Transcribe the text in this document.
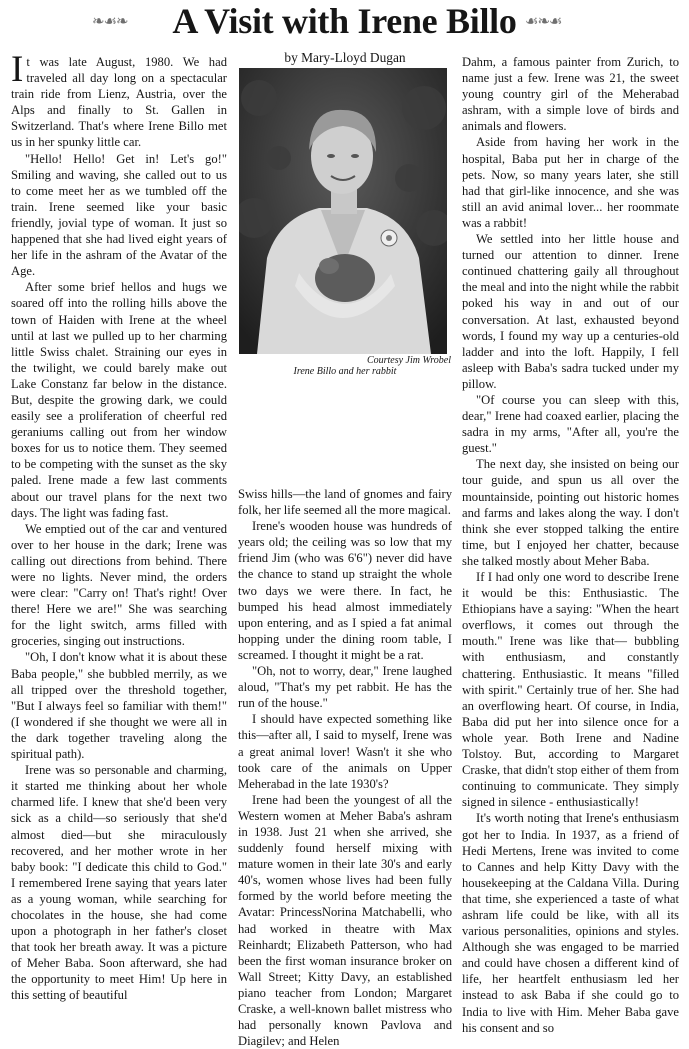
❧☙❧	A Visit with Irene Billo ☙❧☙

It was late August, 1980. We had traveled all day long on a spectacular train ride from Lienz, Austria, over the Alps and finally to St. Gallen in Switzerland. That's where Irene Billo met us in her spunky little car.

"Hello! Hello! Get in! Let's go!" Smiling and waving, she called out to us to come meet her as we tumbled off the train. Irene seemed like your basic friendly, jovial type of woman. It just so happened that she had lived eight years of her life in the ashram of the Avatar of the Age.

After some brief hellos and hugs we soared off into the rolling hills above the town of Haiden with Irene at the wheel until at last we pulled up to her charming little Swiss chalet. Straining our eyes in the twilight, we could barely make out Lake Constanz far below in the distance. But, despite the growing dark, we could easily see a proliferation of cheerful red geraniums calling out from her window boxes for us to notice them. They seemed to be competing with the sunset as the sky paled. Irene made a few last comments about our travel plans for the next two days. The light was fading fast.

We emptied out of the car and ventured over to her house in the dark; Irene was calling out directions from behind. There were no lights. Never mind, the orders were clear: "Carry on! That's right! Over there! Here we are!" She was searching for the light switch, arms filled with groceries, singing out instructions.

"Oh, I don't know what it is about these Baba people," she bubbled merrily, as we all tripped over the threshold together, "But I always feel so familiar with them!" (I wondered if she thought we were all in the dark together traveling along the spiritual path).

Irene was so personable and charming, it started me thinking about her whole charmed life. I knew that she'd been very sick as a child—so seriously that she'd almost died—but she miraculously recovered, and her mother wrote in her baby book: "I dedicate this child to God." I remembered Irene saying that years later as a young woman, while searching for chocolates in the house, she had come upon a photograph in her father's closet that took her breath away. It was a picture of Meher Baba. Soon afterward, she had the opportunity to meet Him! Up here in this setting of beautiful

by Mary-Lloyd Dugan
Courtesy Jim Wrobel
Irene Billo and her rabbit

Swiss hills—the land of gnomes and fairy folk, her life seemed all the more magical.

Irene's wooden house was hundreds of years old; the ceiling was so low that my friend Jim (who was 6'6") never did have the chance to stand up straight the whole two days we were there. In fact, he bumped his head almost immediately upon entering, and as I spied a fat animal hopping under the dining room table, I screamed. I thought it might be a rat.

"Oh, not to worry, dear," Irene laughed aloud, "That's my pet rabbit. He has the run of the house."

I should have expected something like this—after all, I said to myself, Irene was a great animal lover! Wasn't it she who took care of the animals on Upper Meherabad in the late 1930's?

Irene had been the youngest of all the Western women at Meher Baba's ashram in 1938. Just 21 when she arrived, she suddenly found herself mixing with mature women in their late 30's and early 40's, women whose lives had been fully formed by the world before meeting the Avatar: PrincessNorina Matchabelli, who had worked in theatre with Max Reinhardt; Elizabeth Patterson, who had been the first woman insurance broker on Wall Street; Kitty Davy, an established piano teacher from London; Margaret Craske, a well-known ballet mistress who had personally known Pavlova and Diagilev; and Helen

Dahm, a famous painter from Zurich, to name just a few. Irene was 21, the sweet young country girl of the Meherabad ashram, with a simple love of birds and animals and flowers.

Aside from having her work in the hospital, Baba put her in charge of the pets. Now, so many years later, she still had that girl-like innocence, and she was still an avid animal lover... her roommate was a rabbit!

We settled into her little house and turned our attention to dinner. Irene continued chattering gaily all throughout the meal and into the night while the rabbit poked his way in and out of our conversation. At last, exhausted beyond words, I found my way up a centuries-old ladder and into the loft. Happily, I fell asleep with Baba's sadra tucked under my pillow.

"Of course you can sleep with this, dear," Irene had coaxed earlier, placing the sadra in my arms, "After all, you're the guest."

The next day, she insisted on being our tour guide, and spun us all over the mountainside, pointing out historic homes and farms and lakes along the way. I don't think she ever stopped talking the entire time, but I enjoyed her chatter, because she talked mostly about Meher Baba.

If I had only one word to describe Irene it would be this: Enthusiastic. The Ethiopians have a saying: "When the heart overflows, it comes out through the mouth." Irene was like that— bubbling with enthusiasm, and constantly chattering. Enthusiastic. It means "filled with spirit." Certainly true of her. She had an overflowing heart. Of course, in India, Baba did put her into silence once for a whole year. Both Irene and Nadine Tolstoy. But, according to Margaret Craske, that didn't stop either of them from continuing to communicate. They simply signed in silence - enthusiastically!

It's worth noting that Irene's enthusiasm got her to India. In 1937, as a friend of Hedi Mertens, Irene was invited to come to Cannes and help Kitty Davy with the housekeeping at the Caldana Villa. During that time, she experienced a taste of what ashram life could be like, with all its various personalities, opinions and styles. Although she was engaged to be married and could have chosen a different kind of life, her heartfelt enthusiasm led her instead to ask Baba if she could go to India to live with Him. Meher Baba gave his consent and so
